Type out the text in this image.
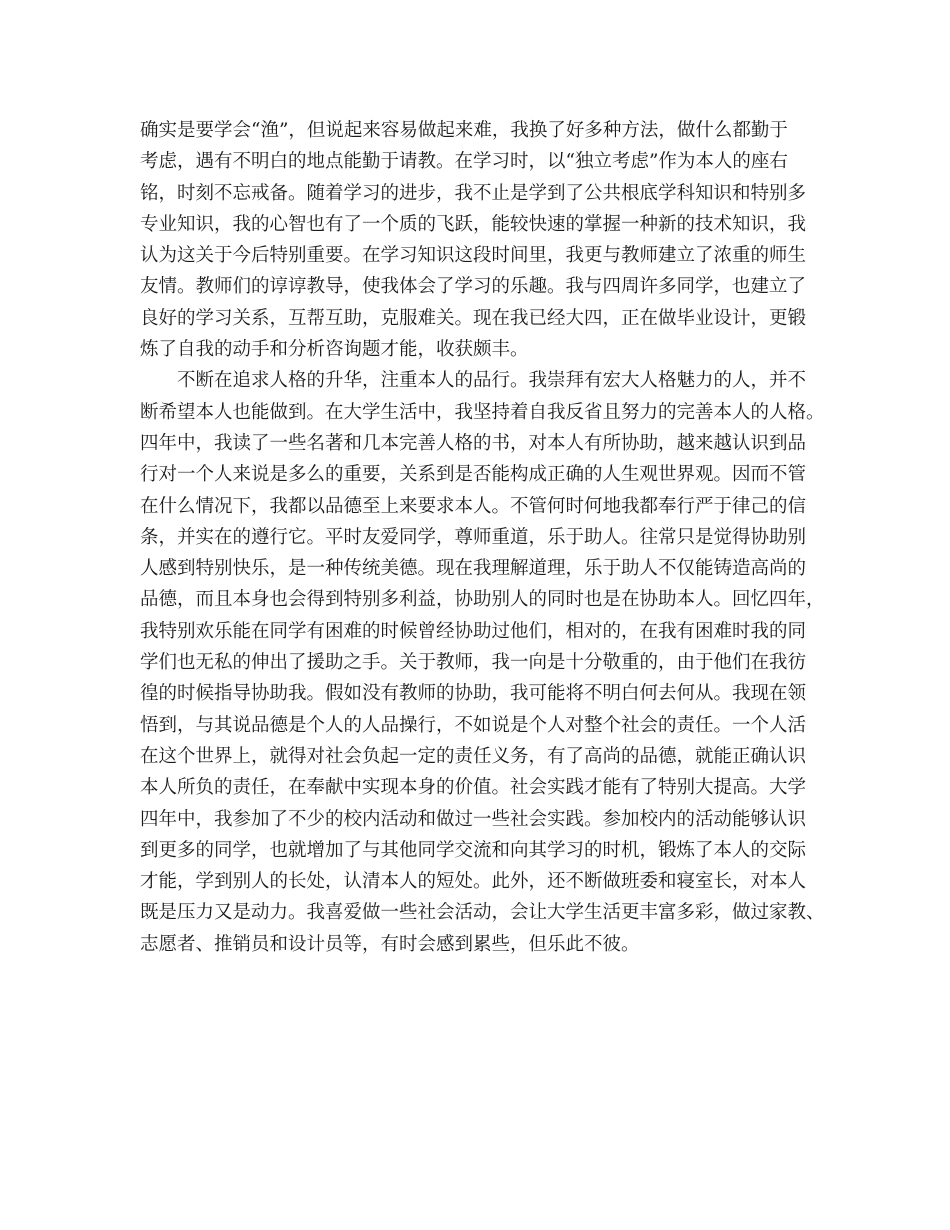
确实是要学会“渔”，但说起来容易做起来难，我换了好多种方法，做什么都勤于
考虑，遇有不明白的地点能勤于请教。在学习时，以“独立考虑”作为本人的座右
铭，时刻不忘戒备。随着学习的进步，我不止是学到了公共根底学科知识和特别多
专业知识，我的心智也有了一个质的飞跃，能较快速的掌握一种新的技术知识，我
认为这关于今后特别重要。在学习知识这段时间里，我更与教师建立了浓重的师生
友情。教师们的谆谆教导，使我体会了学习的乐趣。我与四周许多同学，也建立了
良好的学习关系，互帮互助，克服难关。现在我已经大四，正在做毕业设计，更锻
炼了自我的动手和分析咨询题才能，收获颇丰。
不断在追求人格的升华，注重本人的品行。我崇拜有宏大人格魅力的人，并不
断希望本人也能做到。在大学生活中，我坚持着自我反省且努力的完善本人的人格。
四年中，我读了一些名著和几本完善人格的书，对本人有所协助，越来越认识到品
行对一个人来说是多么的重要，关系到是否能构成正确的人生观世界观。因而不管
在什么情况下，我都以品德至上来要求本人。不管何时何地我都奉行严于律己的信
条，并实在的遵行它。平时友爱同学，尊师重道，乐于助人。往常只是觉得协助别
人感到特别快乐，是一种传统美德。现在我理解道理，乐于助人不仅能铸造高尚的
品德，而且本身也会得到特别多利益，协助别人的同时也是在协助本人。回忆四年，
我特别欢乐能在同学有困难的时候曾经协助过他们，相对的，在我有困难时我的同
学们也无私的伸出了援助之手。关于教师，我一向是十分敬重的，由于他们在我彷
徨的时候指导协助我。假如没有教师的协助，我可能将不明白何去何从。我现在领
悟到，与其说品德是个人的人品操行，不如说是个人对整个社会的责任。一个人活
在这个世界上，就得对社会负起一定的责任义务，有了高尚的品德，就能正确认识
本人所负的责任，在奉献中实现本身的价值。社会实践才能有了特别大提高。大学
四年中，我参加了不少的校内活动和做过一些社会实践。参加校内的活动能够认识
到更多的同学，也就增加了与其他同学交流和向其学习的时机，锻炼了本人的交际
才能，学到别人的长处，认清本人的短处。此外，还不断做班委和寝室长，对本人
既是压力又是动力。我喜爱做一些社会活动，会让大学生活更丰富多彩，做过家教、
志愿者、推销员和设计员等，有时会感到累些，但乐此不彼。
